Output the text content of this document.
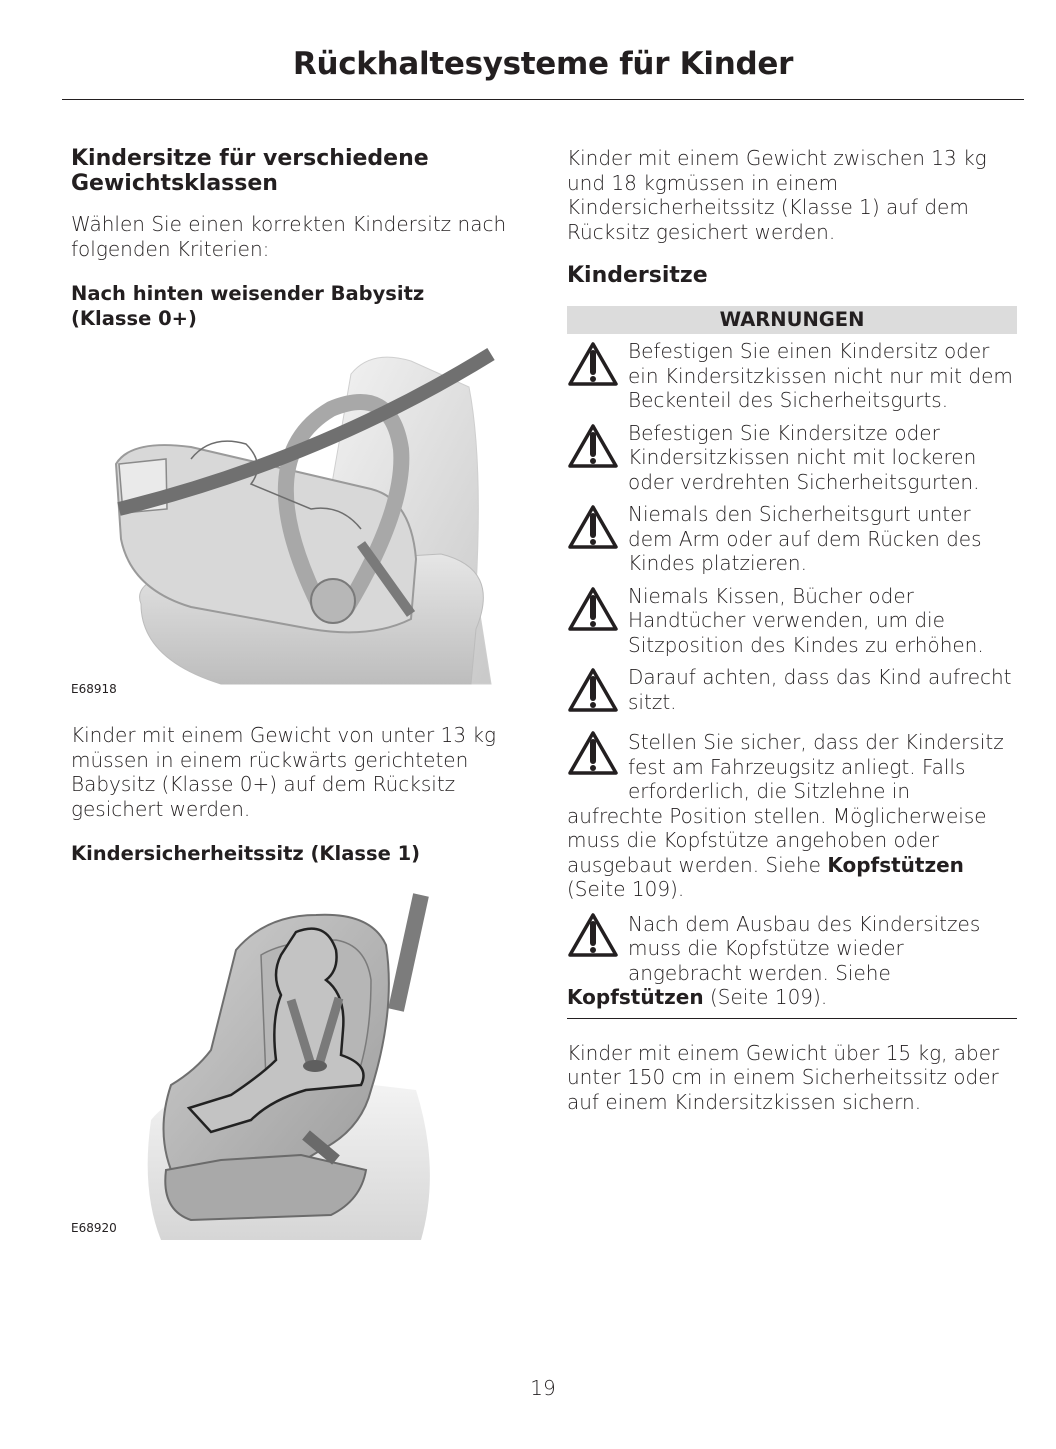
Rückhaltesysteme für Kinder
Kindersitze für verschiedene Gewichtsklassen

Wählen Sie einen korrekten Kindersitz nach folgenden Kriterien:

Nach hinten weisender Babysitz (Klasse 0+)
E68918

Kinder mit einem Gewicht von unter 13 kg müssen in einem rückwärts gerichteten Babysitz (Klasse 0+) auf dem Rücksitz gesichert werden.

Kindersicherheitssitz (Klasse 1)
E68920

Kinder mit einem Gewicht zwischen 13 kg und 18 kgmüssen in einem Kindersicherheitssitz (Klasse 1) auf dem Rücksitz gesichert werden.

Kindersitze
WARNUNGEN

Befestigen Sie einen Kindersitz oder ein Kindersitzkissen nicht nur mit dem Beckenteil des Sicherheitsgurts.

Befestigen Sie Kindersitze oder Kindersitzkissen nicht mit lockeren oder verdrehten Sicherheitsgurten.

Niemals den Sicherheitsgurt unter dem Arm oder auf dem Rücken des Kindes platzieren.

Niemals Kissen, Bücher oder Handtücher verwenden, um die Sitzposition des Kindes zu erhöhen.

Darauf achten, dass das Kind aufrecht sitzt.

Stellen Sie sicher, dass der Kindersitz

fest am Fahrzeugsitz anliegt. Falls

erforderlich, die Sitzlehne in

aufrechte Position stellen. Möglicherweise muss die Kopfstütze angehoben oder ausgebaut werden. Siehe Kopfstützen (Seite 109).

Nach dem Ausbau des Kindersitzes

muss die Kopfstütze wieder

angebracht werden. Siehe

Kopfstützen (Seite 109).

Kinder mit einem Gewicht über 15 kg, aber unter 150 cm in einem Sicherheitssitz oder auf einem Kindersitzkissen sichern.

19
